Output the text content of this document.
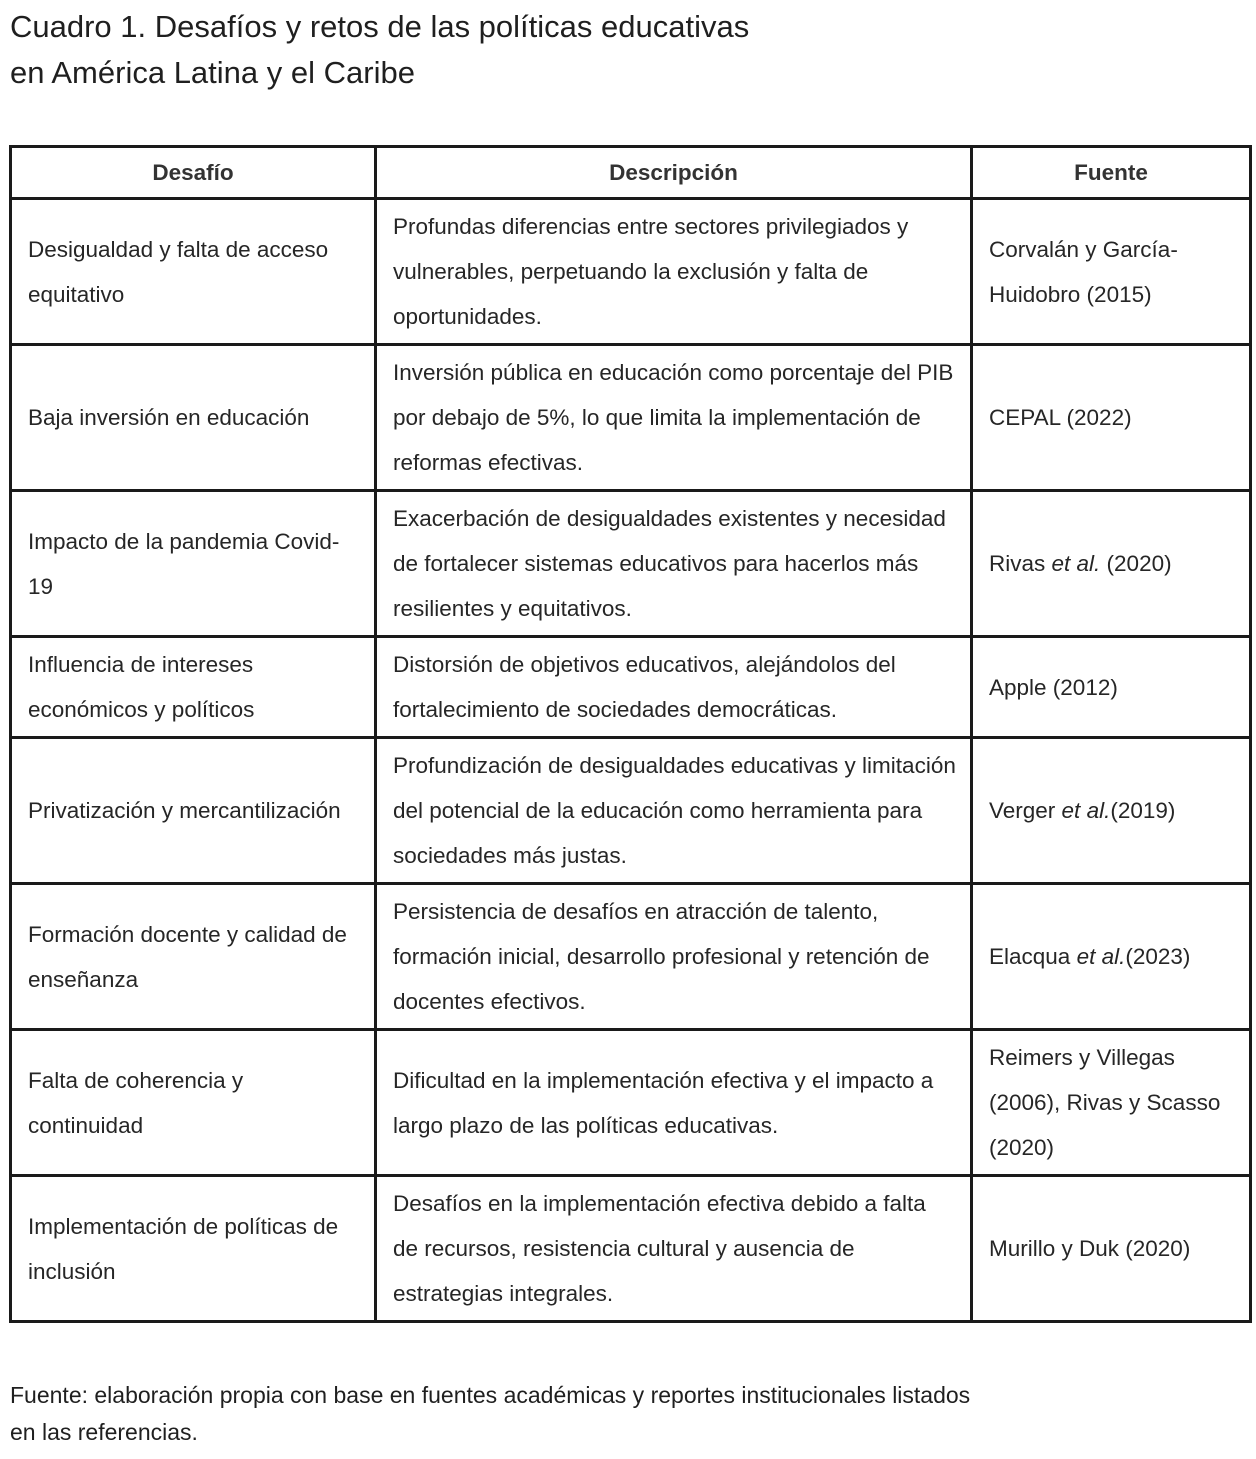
Cuadro 1. Desafíos y retos de las políticas educativas
en América Latina y el Caribe
Desafío	Descripción	Fuente
Desigualdad y falta de acceso equitativo	Profundas diferencias entre sectores privilegiados y vulnerables, perpetuando la exclusión y falta de oportunidades.	Corvalán y García-Huidobro (2015)
Baja inversión en educación	Inversión pública en educación como porcentaje del PIB por debajo de 5%, lo que limita la implementación de reformas efectivas.	CEPAL (2022)
Impacto de la pandemia Covid-19	Exacerbación de desigualdades existentes y necesidad de fortalecer sistemas educativos para hacerlos más resilientes y equitativos.	Rivas et al. (2020)
Influencia de intereses económicos y políticos	Distorsión de objetivos educativos, alejándolos del fortalecimiento de sociedades democráticas.	Apple (2012)
Privatización y mercantilización	Profundización de desigualdades educativas y limitación del potencial de la educación como herramienta para sociedades más justas.	Verger et al.(2019)
Formación docente y calidad de enseñanza	Persistencia de desafíos en atracción de talento, formación inicial, desarrollo profesional y retención de docentes efectivos.	Elacqua et al.(2023)
Falta de coherencia y continuidad	Dificultad en la implementación efectiva y el impacto a largo plazo de las políticas educativas.	Reimers y Villegas (2006), Rivas y Scasso (2020)
Implementación de políticas de inclusión	Desafíos en la implementación efectiva debido a falta de recursos, resistencia cultural y ausencia de estrategias integrales.	Murillo y Duk (2020)
Fuente: elaboración propia con base en fuentes académicas y reportes institucionales listados
en las referencias.
